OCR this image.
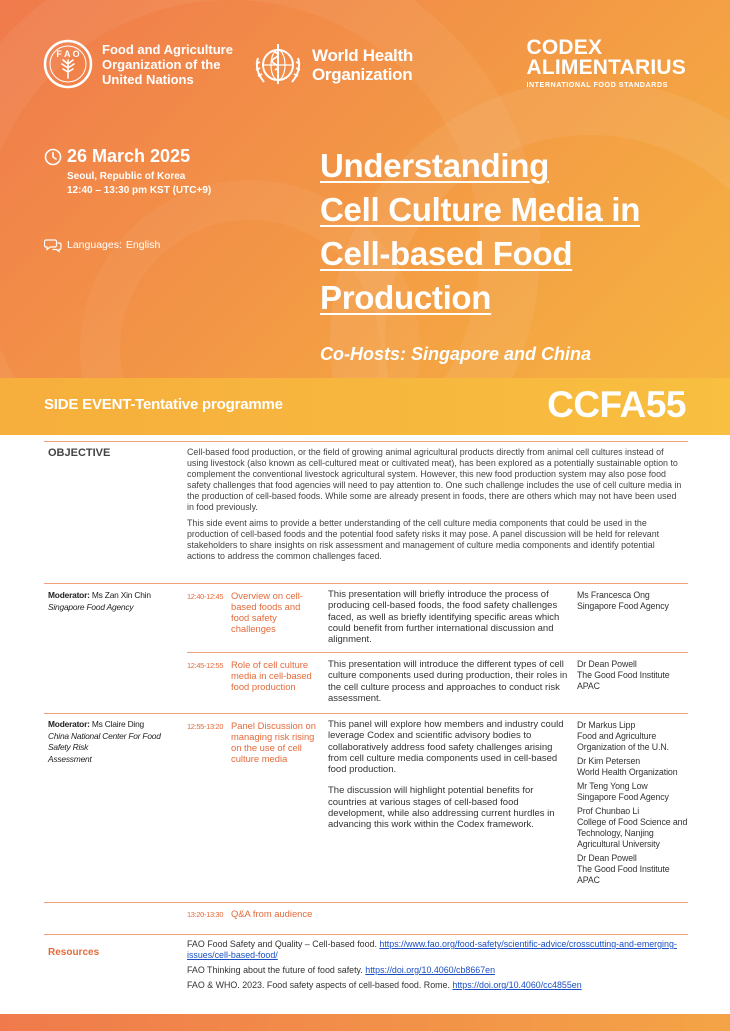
F A O Food and Agriculture
Organization of the
United Nations
World Health
Organization
CODEX
ALIMENTARIUS
INTERNATIONAL FOOD STANDARDS
26 March 2025
Seoul, Republic of Korea
12:40 – 13:30 pm KST (UTC+9)
Languages: English
Understanding
Cell Culture Media in
Cell-based Food
Production
Co-Hosts: Singapore and China
SIDE EVENT-Tentative programme	CCFA55
OBJECTIVE	Cell-based food production, or the field of growing animal agricultural products directly from animal cell cultures instead of using livestock (also known as cell-cultured meat or cultivated meat), has been explored as a potentially sustainable option to complement the conventional livestock agricultural system. However, this new food production system may also pose food safety challenges that food agencies will need to pay attention to. One such challenge includes the use of cell culture media in the production of cell-based foods. While some are already present in foods, there are others which may not have been used in food previously.

This side event aims to provide a better understanding of the cell culture media components that could be used in the production of cell-based foods and the potential food safety risks it may pose. A panel discussion will be held for relevant stakeholders to share insights on risk assessment and management of culture media components and identify potential actions to address the common challenges faced.

Moderator: Ms Zan Xin Chin
Singapore Food Agency
12:40-12:45 Overview on cell-based foods and food safety challenges

This presentation will briefly introduce the process of producing cell-based foods, the food safety challenges faced, as well as briefly identifying specific areas which could benefit from further international discussion and alignment.

Ms Francesca Ong
Singapore Food Agency
12:45-12:55 Role of cell culture media in cell-based food production

This presentation will introduce the different types of cell culture components used during production, their roles in the cell culture process and approaches to conduct risk assessment.

Dr Dean Powell
The Good Food Institute APAC
Moderator: Ms Claire Ding
China National Center For Food
Safety Risk
Assessment
12:55-13:20 Panel Discussion on managing risk rising on the use of cell culture media

This panel will explore how members and industry could leverage Codex and scientific advisory bodies to collaboratively address food safety challenges arising from cell culture media components used in cell-based food production.

The discussion will highlight potential benefits for countries at various stages of cell-based food development, while also addressing current hurdles in advancing this work within the Codex framework.

Dr Markus Lipp
Food and Agriculture Organization of the U.N.
Dr Kim Petersen
World Health Organization
Mr Teng Yong Low
Singapore Food Agency
Prof Chunbao Li
College of Food Science and Technology, Nanjing Agricultural University
Dr Dean Powell
The Good Food Institute APAC
13:20-13:30 Q&A from audience
Resources
FAO Food Safety and Quality – Cell-based food. https://www.fao.org/food-safety/scientific-advice/crosscutting-and-emerging-issues/cell-based-food/
FAO Thinking about the future of food safety. https://doi.org/10.4060/cb8667en
FAO & WHO. 2023. Food safety aspects of cell-based food. Rome. https://doi.org/10.4060/cc4855en
